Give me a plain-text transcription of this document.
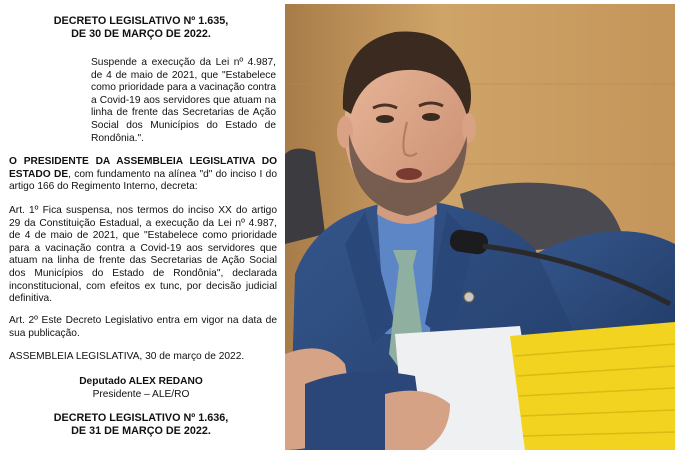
DECRETO LEGISLATIVO Nº 1.635,
DE 30 DE MARÇO DE 2022.
Suspende a execução da Lei nº 4.987, de 4 de maio de 2021, que "Estabelece como prioridade para a vacinação contra a Covid-19 aos servidores que atuam na linha de frente das Secretarias de Ação Social dos Municípios do Estado de Rondônia.".
O PRESIDENTE DA ASSEMBLEIA LEGISLATIVA DO ESTADO DE, com fundamento na alínea "d" do inciso I do artigo 166 do Regimento Interno, decreta:
Art. 1º Fica suspensa, nos termos do inciso XX do artigo 29 da Constituição Estadual, a execução da Lei nº 4.987, de 4 de maio de 2021, que "Estabelece como prioridade para a vacinação contra a Covid-19 aos servidores que atuam na linha de frente das Secretarias de Ação Social dos Municípios do Estado de Rondônia", declarada inconstitucional, com efeitos ex tunc, por decisão judicial definitiva.
Art. 2º Este Decreto Legislativo entra em vigor na data de sua publicação.
ASSEMBLEIA LEGISLATIVA, 30 de março de 2022.
Deputado ALEX REDANO
Presidente – ALE/RO
DECRETO LEGISLATIVO Nº 1.636,
DE 31 DE MARÇO DE 2022.
